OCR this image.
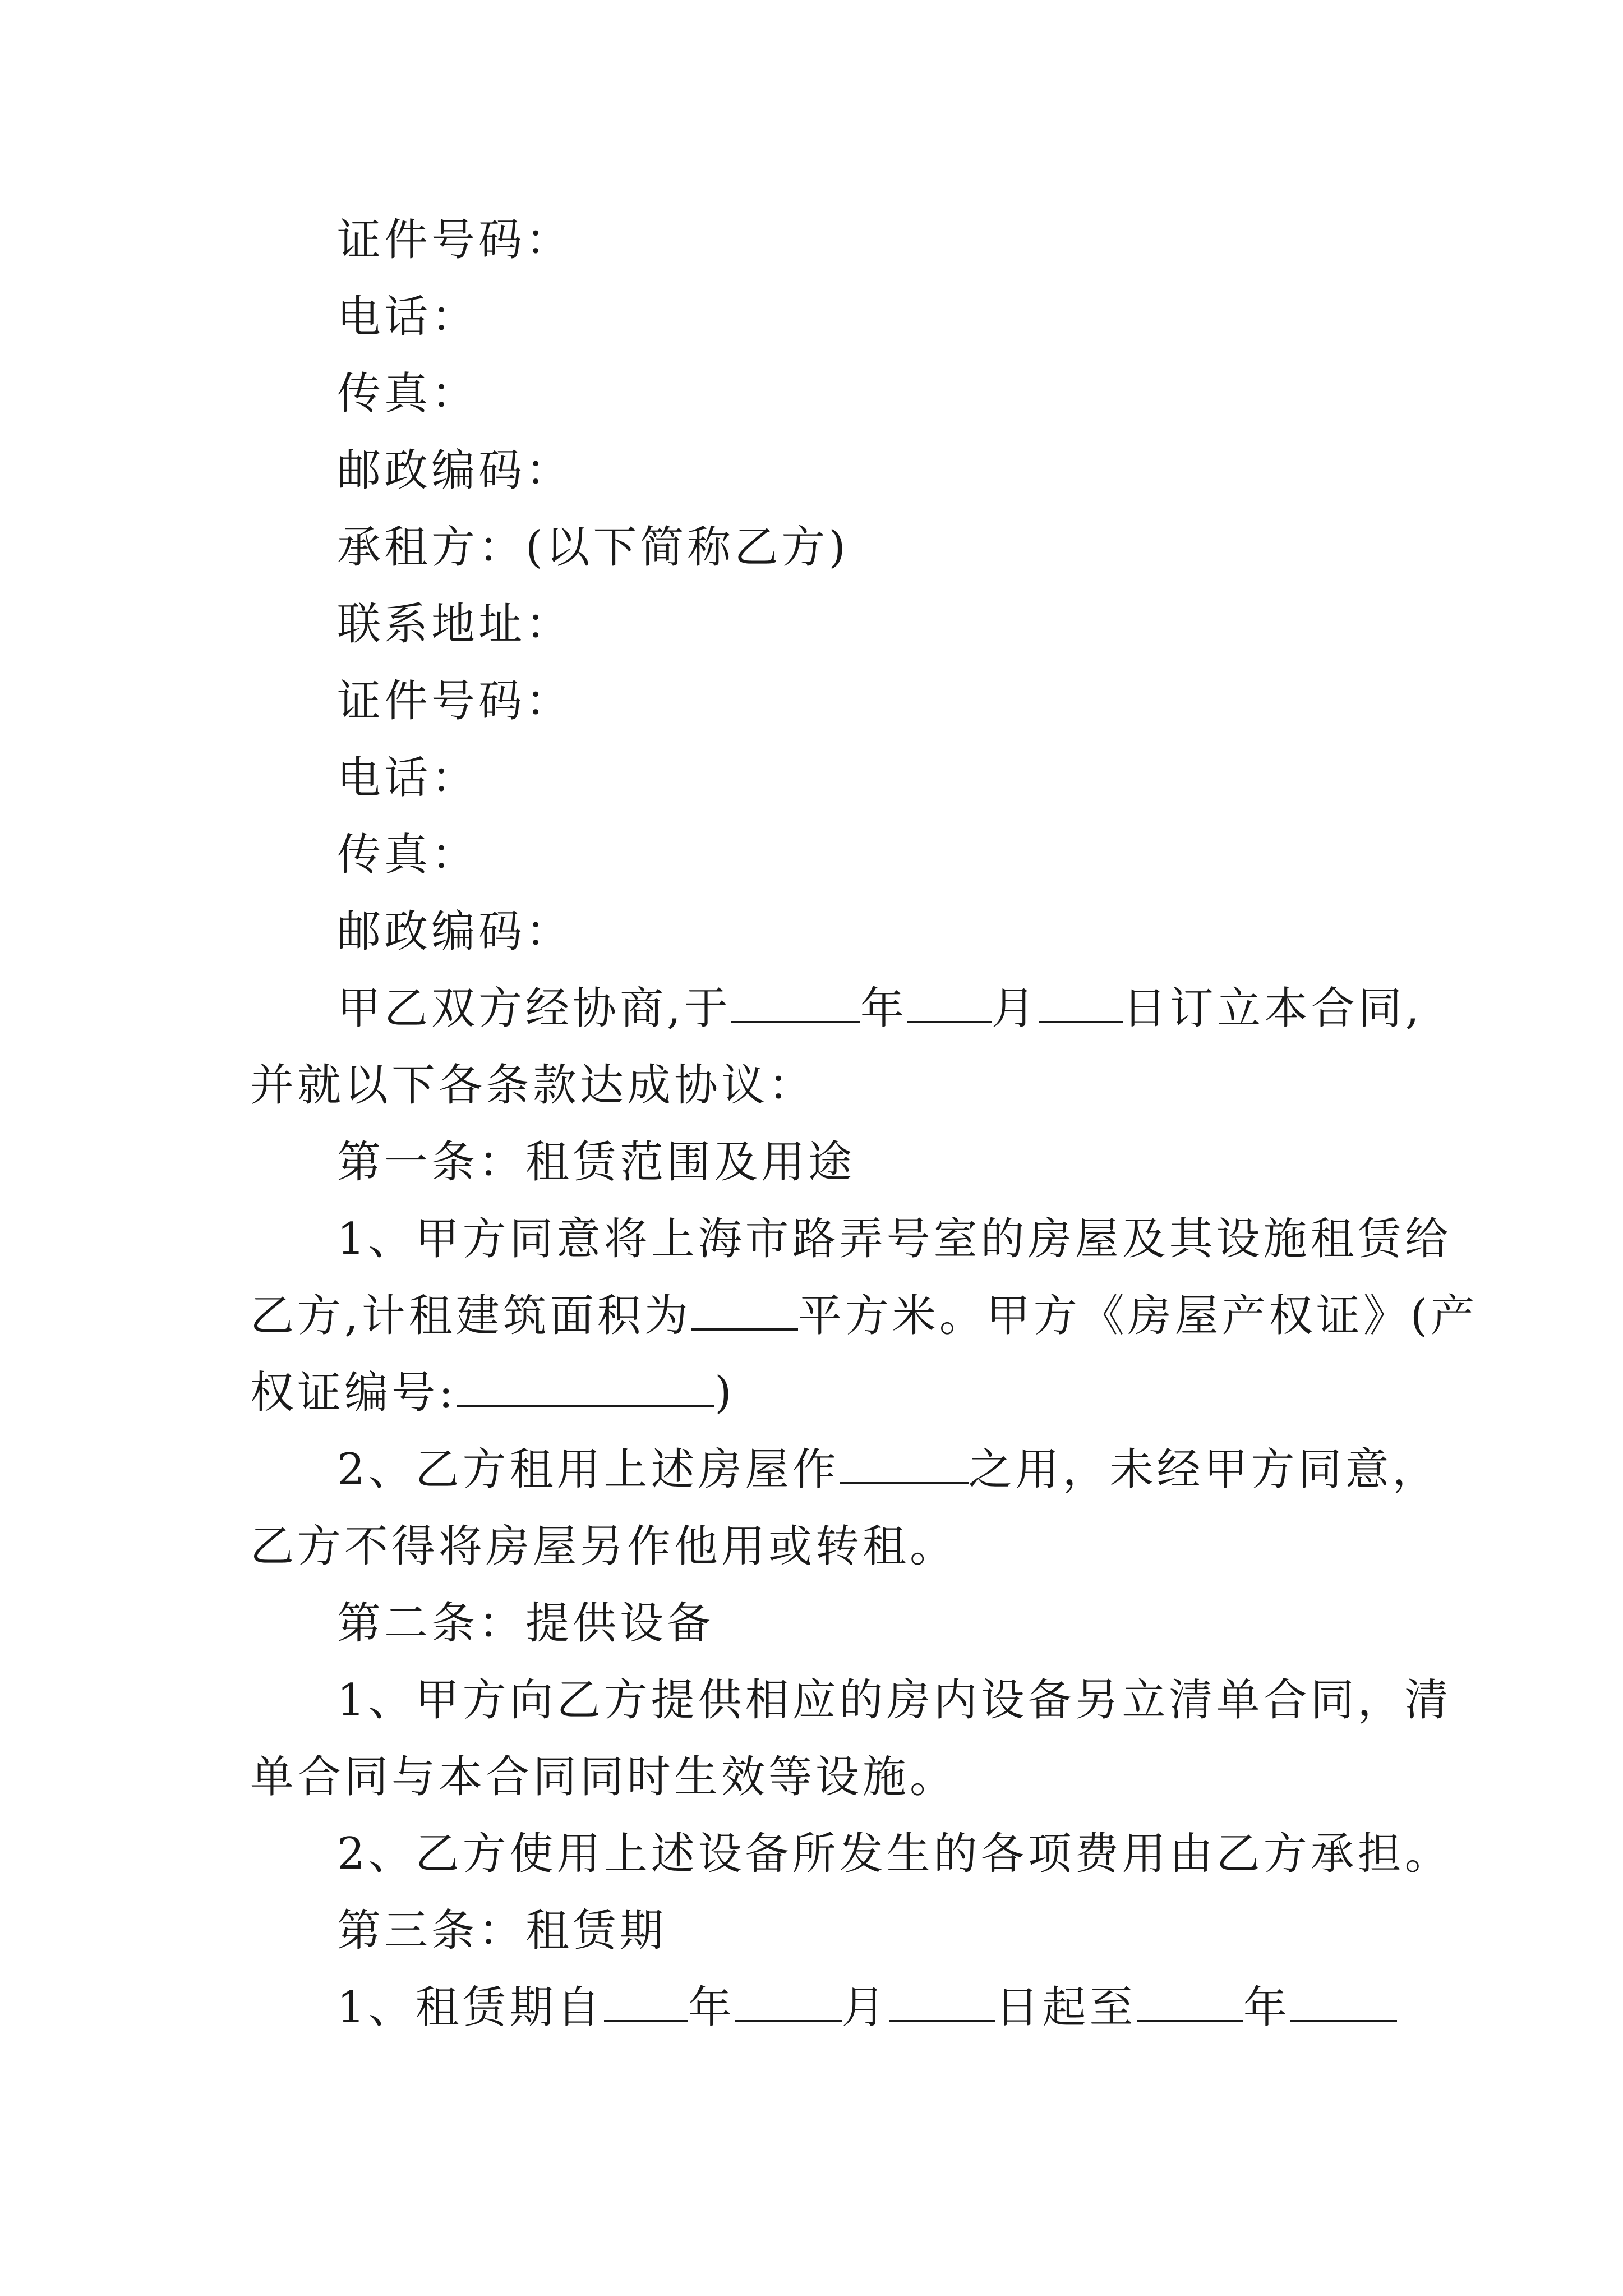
证件号码：

电话：

传真：

邮政编码：

承租方：(以下简称乙方)

联系地址：

证件号码：

电话：

传真：

邮政编码：

甲乙双方经协商,于	年 月 日订立本合同,

并就以下各条款达成协议：

第一条：租赁范围及用途

1、甲方同意将上海市路弄号室的房屋及其设施租赁给

乙方,计租建筑面积为 平方米。甲方《房屋产权证》(产

权证编号:	)

2、乙方租用上述房屋作	之用，未经甲方同意，

乙方不得将房屋另作他用或转租。

第二条：提供设备

1、甲方向乙方提供相应的房内设备另立清单合同，清

单合同与本合同同时生效等设施。

2、乙方使用上述设备所发生的各项费用由乙方承担。

第三条：租赁期

1、租赁期自 年 月 日起至 年
